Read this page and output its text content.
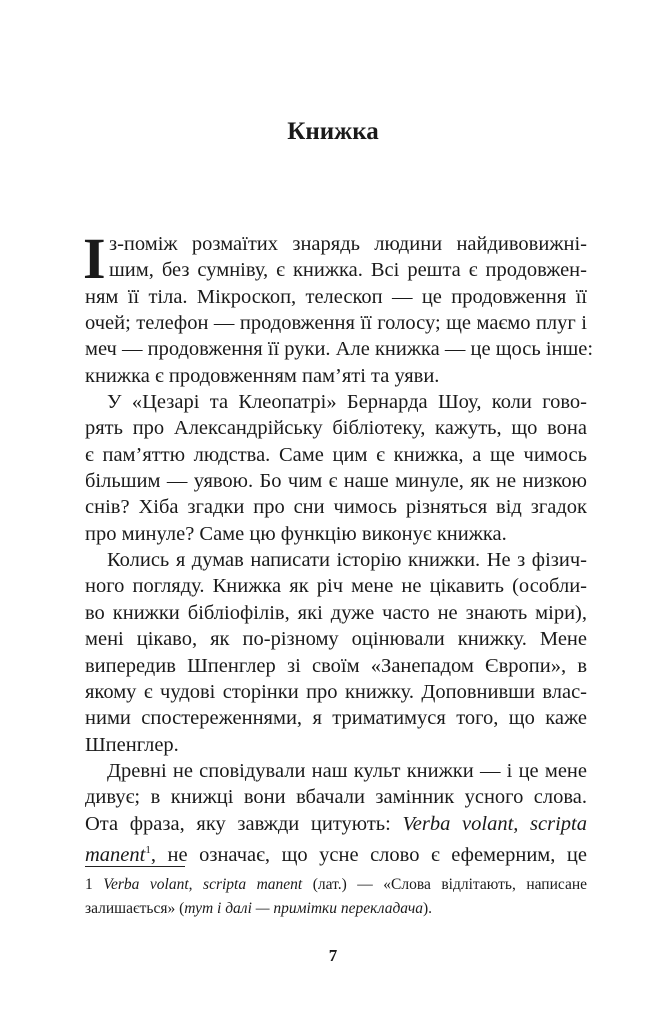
Книжка
І з-поміж розмаїтих знарядь людини найдивовижні-
шим, без сумніву, є книжка. Всі решта є продовжен-
ням її тіла. Мікроскоп, телескоп — це продовження її
очей; телефон — продовження її голосу; ще маємо плуг і
меч — продовження її руки. Але книжка — це щось інше:
книжка є продовженням пам’яті та уяви.
У «Цезарі та Клеопатрі» Бернарда Шоу, коли гово-
рять про Александрійську бібліотеку, кажуть, що вона
є пам’яттю людства. Саме цим є книжка, а ще чимось
більшим — уявою. Бо чим є наше минуле, як не низкою
снів? Хіба згадки про сни чимось різняться від згадок
про минуле? Саме цю функцію виконує книжка.
Колись я думав написати історію книжки. Не з фізич-
ного погляду. Книжка як річ мене не цікавить (особли-
во книжки бібліофілів, які дуже часто не знають міри),
мені цікаво, як по-різному оцінювали книжку. Мене
випередив Шпенглер зі своїм «Занепадом Європи», в
якому є чудові сторінки про книжку. Доповнивши влас-
ними спостереженнями, я триматимуся того, що каже
Шпенглер.
Древні не сповідували наш культ книжки — і це мене
дивує; в книжці вони вбачали замінник усного слова.
Ота фраза, яку завжди цитують: Verba volant, scripta
manent$^1$, не означає, що усне слово є ефемерним, це
1 Verba volant, scripta manent (лат.) — «Слова відлітають, написане
залишається» (тут і далі — примітки перекладача).
7
